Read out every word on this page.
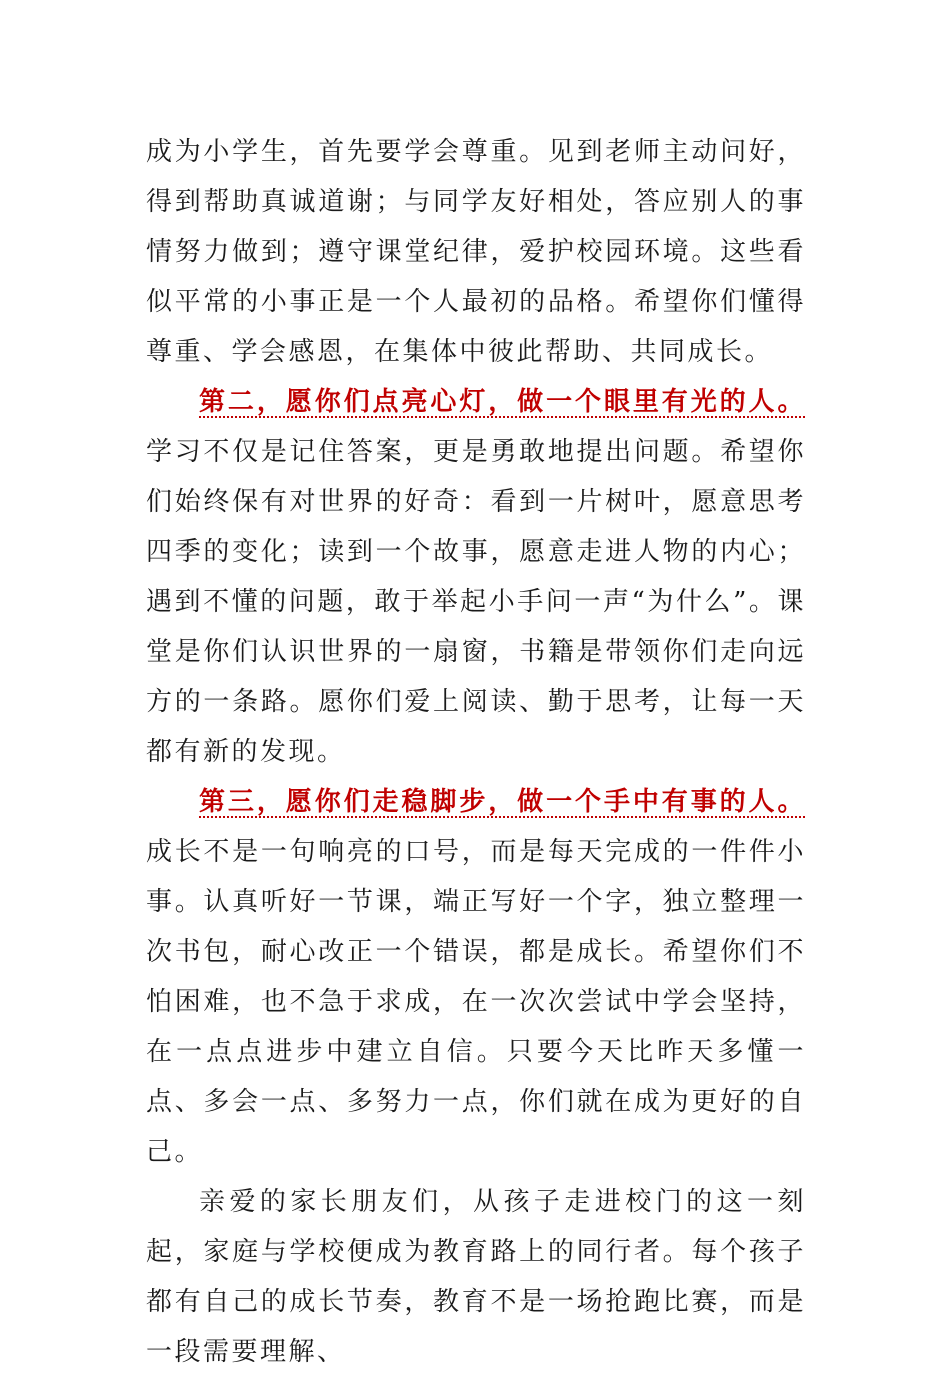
成为小学生，首先要学会尊重。见到老师主动问好，得到帮助真诚道谢；与同学友好相处，答应别人的事情努力做到；遵守课堂纪律，爱护校园环境。这些看似平常的小事正是一个人最初的品格。希望你们懂得尊重、学会感恩，在集体中彼此帮助、共同成长。

第二，愿你们点亮心灯，做一个眼里有光的人。学习不仅是记住答案，更是勇敢地提出问题。希望你们始终保有对世界的好奇：看到一片树叶，愿意思考四季的变化；读到一个故事，愿意走进人物的内心；遇到不懂的问题，敢于举起小手问一声“为什么”。课堂是你们认识世界的一扇窗，书籍是带领你们走向远方的一条路。愿你们爱上阅读、勤于思考，让每一天都有新的发现。

第三，愿你们走稳脚步，做一个手中有事的人。成长不是一句响亮的口号，而是每天完成的一件件小事。认真听好一节课，端正写好一个字，独立整理一次书包，耐心改正一个错误，都是成长。希望你们不怕困难，也不急于求成，在一次次尝试中学会坚持，在一点点进步中建立自信。只要今天比昨天多懂一点、多会一点、多努力一点，你们就在成为更好的自己。

亲爱的家长朋友们，从孩子走进校门的这一刻起，家庭与学校便成为教育路上的同行者。每个孩子都有自己的成长节奏，教育不是一场抢跑比赛，而是一段需要理解、
